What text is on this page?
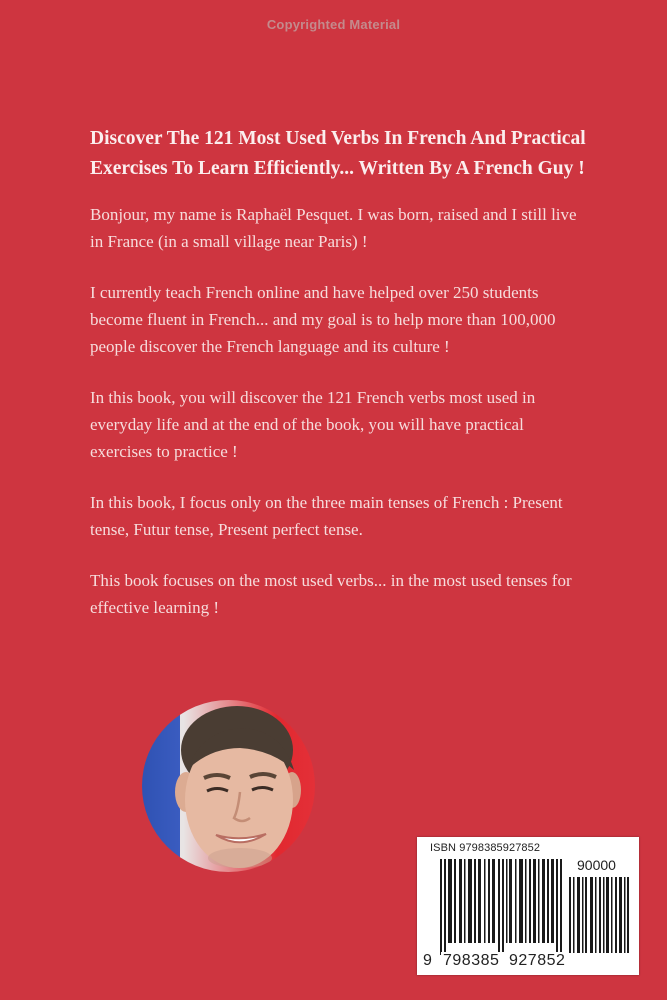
Copyrighted Material

Discover The 121 Most Used Verbs In French And Practical Exercises To Learn Efficiently... Written By A French Guy !

Bonjour, my name is Raphaël Pesquet. I was born, raised and I still live in France (in a small village near Paris) !

I currently teach French online and have helped over 250 students become fluent in French... and my goal is to help more than 100,000 people discover the French language and its culture !

In this book, you will discover the 121 French verbs most used in everyday life and at the end of the book, you will have practical exercises to practice !

In this book, I focus only on the three main tenses of French : Present tense, Futur tense, Present perfect tense.

This book focuses on the most used verbs... in the most used tenses for effective learning !

ISBN 9798385927852
90000
9 798385 927852
